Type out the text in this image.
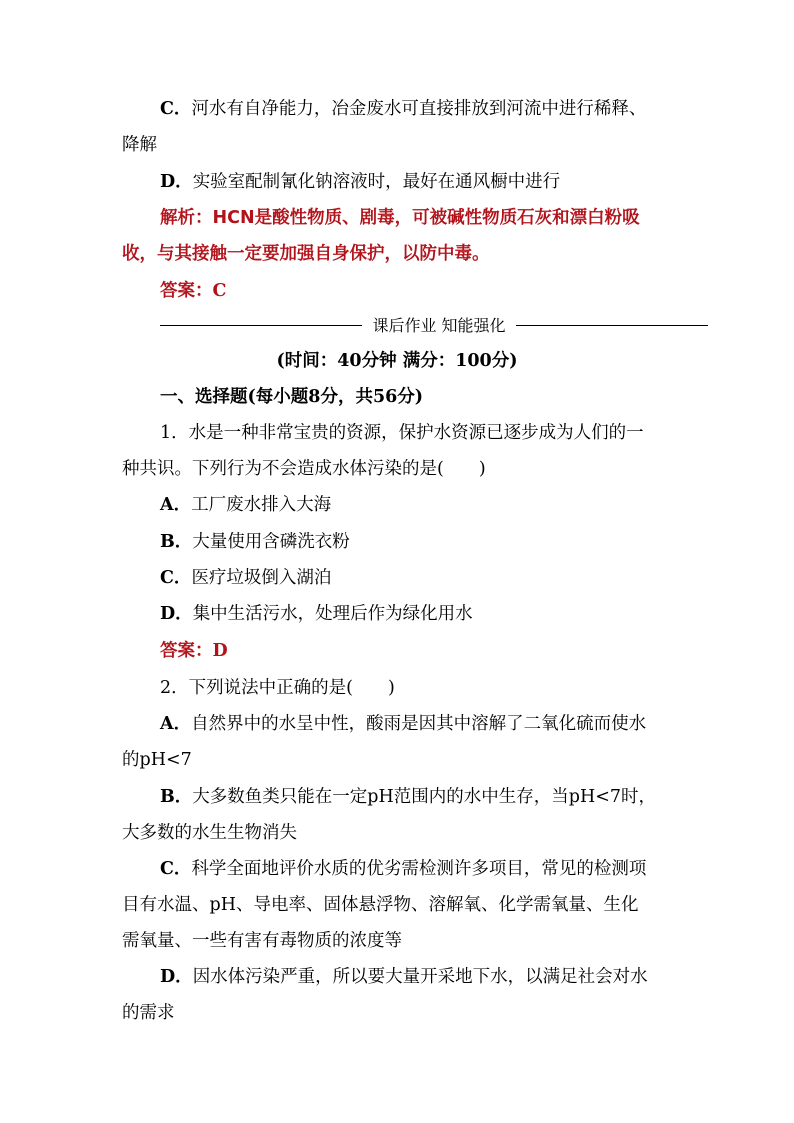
C．河水有自净能力，冶金废水可直接排放到河流中进行稀释、
降解
D．实验室配制氰化钠溶液时，最好在通风橱中进行
解析：HCN是酸性物质、剧毒，可被碱性物质石灰和漂白粉吸
收，与其接触一定要加强自身保护，以防中毒。
答案：C
课后作业 知能强化
(时间：40分钟 满分：100分)
一、选择题(每小题8分，共56分)
1．水是一种非常宝贵的资源，保护水资源已逐步成为人们的一
种共识。下列行为不会造成水体污染的是(　　)
A．工厂废水排入大海
B．大量使用含磷洗衣粉
C．医疗垃圾倒入湖泊
D．集中生活污水，处理后作为绿化用水
答案：D
2．下列说法中正确的是(　　)
A．自然界中的水呈中性，酸雨是因其中溶解了二氧化硫而使水
的pH<7
B．大多数鱼类只能在一定pH范围内的水中生存，当pH<7时，
大多数的水生生物消失
C．科学全面地评价水质的优劣需检测许多项目，常见的检测项
目有水温、pH、导电率、固体悬浮物、溶解氧、化学需氧量、生化
需氧量、一些有害有毒物质的浓度等
D．因水体污染严重，所以要大量开采地下水，以满足社会对水
的需求
